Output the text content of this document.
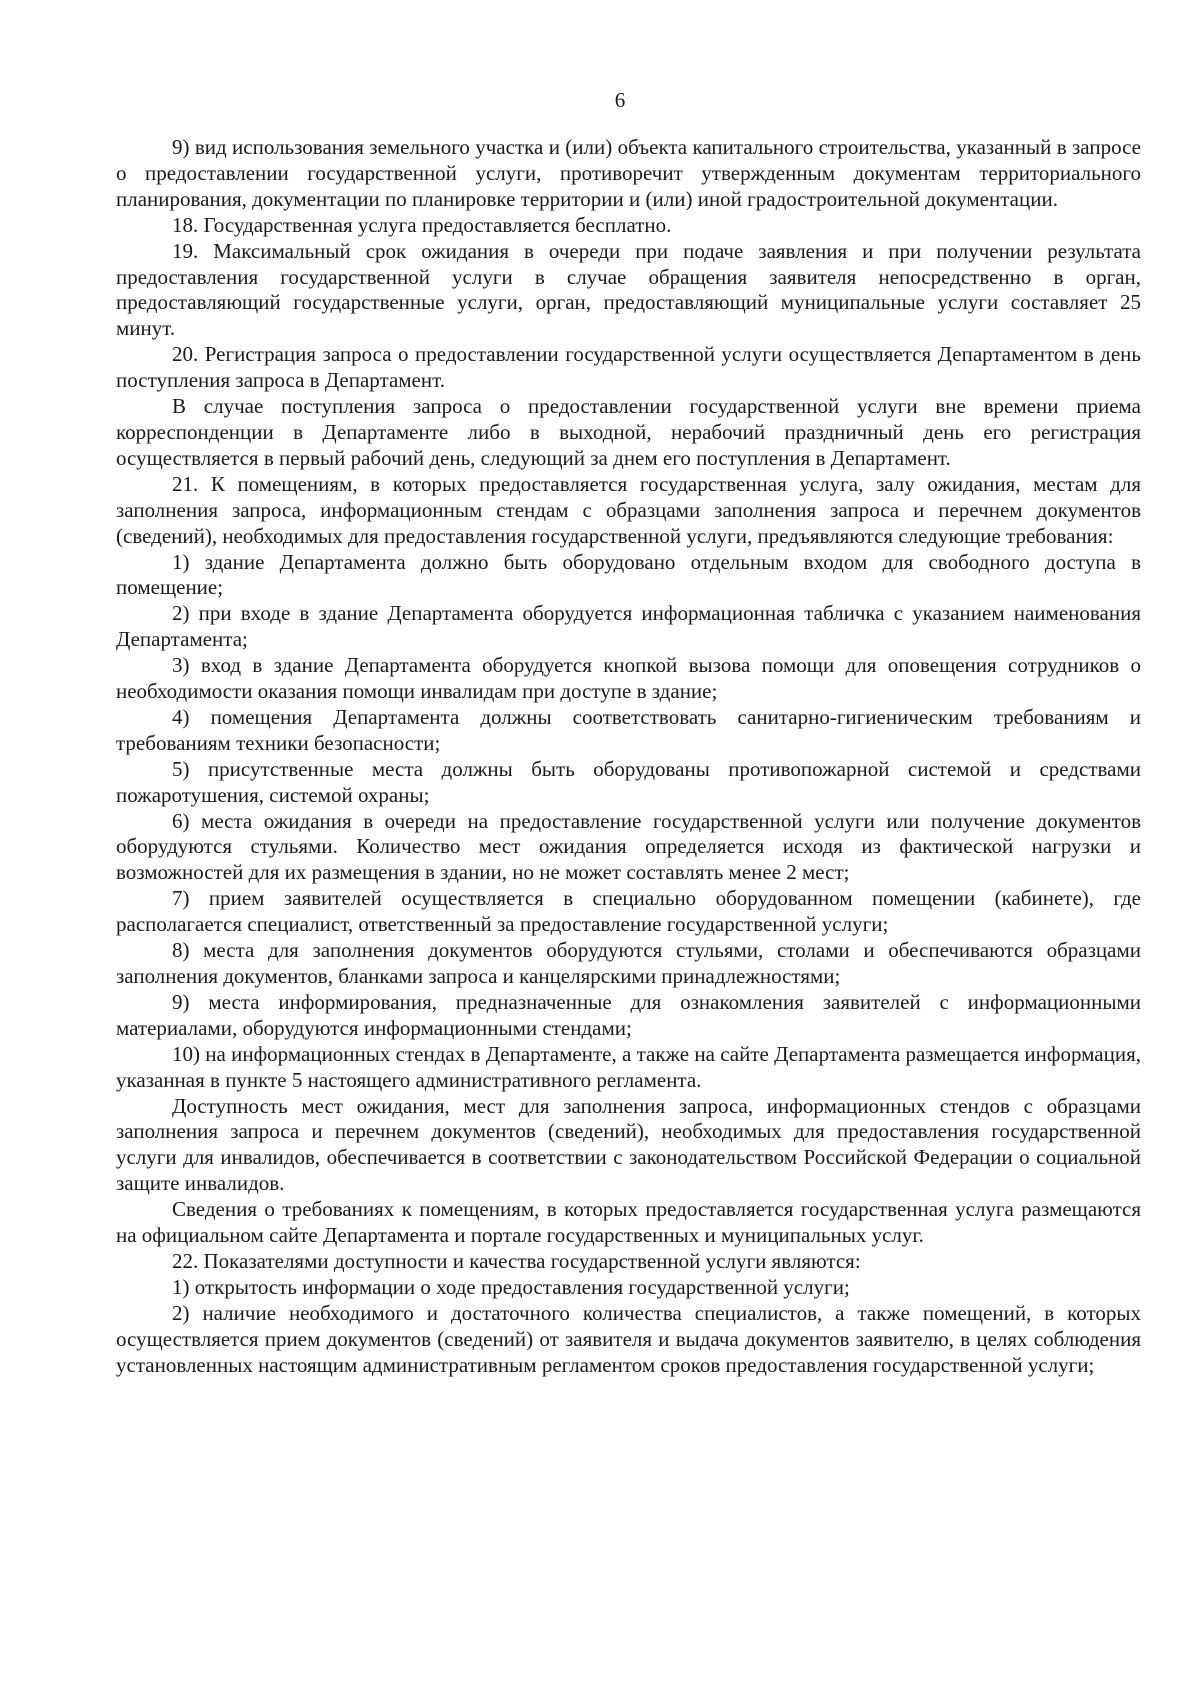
6

9) вид использования земельного участка и (или) объекта капитального строительства, указанный в запросе о предоставлении государственной услуги, противоречит утвержденным документам территориального планирования, документации по планировке территории и (или) иной градостроительной документации.

18. Государственная услуга предоставляется бесплатно.

19. Максимальный срок ожидания в очереди при подаче заявления и при получении результата предоставления государственной услуги в случае обращения заявителя непосредственно в орган, предоставляющий государственные услуги, орган, предоставляющий муниципальные услуги составляет 25 минут.

20. Регистрация запроса о предоставлении государственной услуги осуществляется Департаментом в день поступления запроса в Департамент.

В случае поступления запроса о предоставлении государственной услуги вне времени приема корреспонденции в Департаменте либо в выходной, нерабочий праздничный день его регистрация осуществляется в первый рабочий день, следующий за днем его поступления в Департамент.

21. К помещениям, в которых предоставляется государственная услуга, залу ожидания, местам для заполнения запроса, информационным стендам с образцами заполнения запроса и перечнем документов (сведений), необходимых для предоставления государственной услуги, предъявляются следующие требования:

1) здание Департамента должно быть оборудовано отдельным входом для свободного доступа в помещение;

2) при входе в здание Департамента оборудуется информационная табличка с указанием наименования Департамента;

3) вход в здание Департамента оборудуется кнопкой вызова помощи для оповещения сотрудников о необходимости оказания помощи инвалидам при доступе в здание;

4) помещения Департамента должны соответствовать санитарно-гигиеническим требованиям и требованиям техники безопасности;

5) присутственные места должны быть оборудованы противопожарной системой и средствами пожаротушения, системой охраны;

6) места ожидания в очереди на предоставление государственной услуги или получение документов оборудуются стульями. Количество мест ожидания определяется исходя из фактической нагрузки и возможностей для их размещения в здании, но не может составлять менее 2 мест;

7) прием заявителей осуществляется в специально оборудованном помещении (кабинете), где располагается специалист, ответственный за предоставление государственной услуги;

8) места для заполнения документов оборудуются стульями, столами и обеспечиваются образцами заполнения документов, бланками запроса и канцелярскими принадлежностями;

9) места информирования, предназначенные для ознакомления заявителей с информационными материалами, оборудуются информационными стендами;

10) на информационных стендах в Департаменте, а также на сайте Департамента размещается информация, указанная в пункте 5 настоящего административного регламента.

Доступность мест ожидания, мест для заполнения запроса, информационных стендов с образцами заполнения запроса и перечнем документов (сведений), необходимых для предоставления государственной услуги для инвалидов, обеспечивается в соответствии с законодательством Российской Федерации о социальной защите инвалидов.

Сведения о требованиях к помещениям, в которых предоставляется государственная услуга размещаются на официальном сайте Департамента и портале государственных и муниципальных услуг.

22. Показателями доступности и качества государственной услуги являются:

1) открытость информации о ходе предоставления государственной услуги;

2) наличие необходимого и достаточного количества специалистов, а также помещений, в которых осуществляется прием документов (сведений) от заявителя и выдача документов заявителю, в целях соблюдения установленных настоящим административным регламентом сроков предоставления государственной услуги;
